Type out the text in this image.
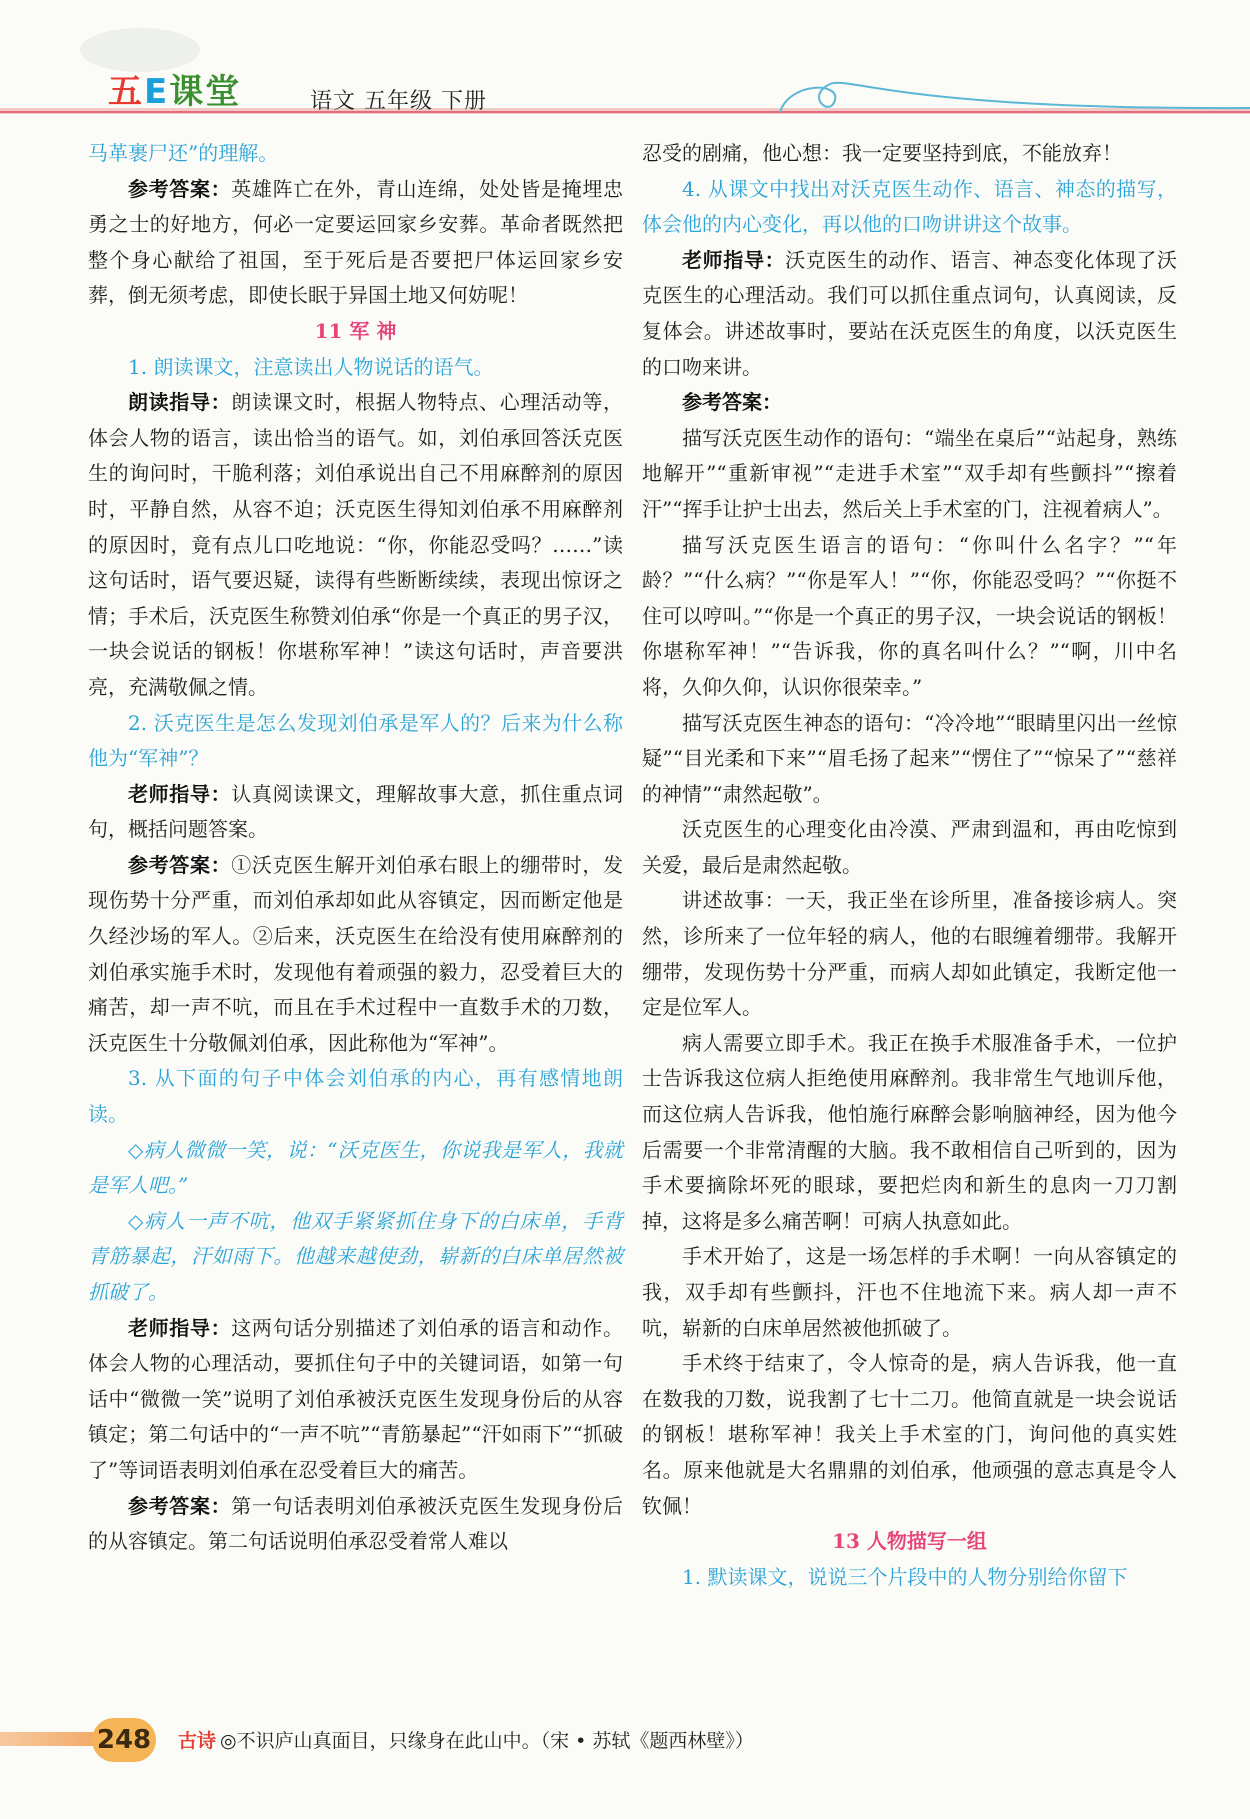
五E课堂	语文 五年级 下册

马革裹尸还”的理解。

参考答案：英雄阵亡在外，青山连绵，处处皆是掩埋忠勇之士的好地方，何必一定要运回家乡安葬。革命者既然把整个身心献给了祖国，至于死后是否要把尸体运回家乡安葬，倒无须考虑，即使长眠于异国土地又何妨呢！

11 军 神

1. 朗读课文，注意读出人物说话的语气。

朗读指导：朗读课文时，根据人物特点、心理活动等，体会人物的语言，读出恰当的语气。如，刘伯承回答沃克医生的询问时，干脆利落；刘伯承说出自己不用麻醉剂的原因时，平静自然，从容不迫；沃克医生得知刘伯承不用麻醉剂的原因时，竟有点儿口吃地说：“你，你能忍受吗？……”读这句话时，语气要迟疑，读得有些断断续续，表现出惊讶之情；手术后，沃克医生称赞刘伯承“你是一个真正的男子汉，一块会说话的钢板！你堪称军神！”读这句话时，声音要洪亮，充满敬佩之情。

2. 沃克医生是怎么发现刘伯承是军人的？后来为什么称他为“军神”？

老师指导：认真阅读课文，理解故事大意，抓住重点词句，概括问题答案。

参考答案：①沃克医生解开刘伯承右眼上的绷带时，发现伤势十分严重，而刘伯承却如此从容镇定，因而断定他是久经沙场的军人。②后来，沃克医生在给没有使用麻醉剂的刘伯承实施手术时，发现他有着顽强的毅力，忍受着巨大的痛苦，却一声不吭，而且在手术过程中一直数手术的刀数，沃克医生十分敬佩刘伯承，因此称他为“军神”。

3. 从下面的句子中体会刘伯承的内心，再有感情地朗读。

◇病人微微一笑，说：“沃克医生，你说我是军人，我就是军人吧。”

◇病人一声不吭，他双手紧紧抓住身下的白床单，手背青筋暴起，汗如雨下。他越来越使劲，崭新的白床单居然被抓破了。

老师指导：这两句话分别描述了刘伯承的语言和动作。体会人物的心理活动，要抓住句子中的关键词语，如第一句话中“微微一笑”说明了刘伯承被沃克医生发现身份后的从容镇定；第二句话中的“一声不吭”“青筋暴起”“汗如雨下”“抓破了”等词语表明刘伯承在忍受着巨大的痛苦。

参考答案：第一句话表明刘伯承被沃克医生发现身份后的从容镇定。第二句话说明伯承忍受着常人难以

忍受的剧痛，他心想：我一定要坚持到底，不能放弃！

4. 从课文中找出对沃克医生动作、语言、神态的描写，体会他的内心变化，再以他的口吻讲讲这个故事。

老师指导：沃克医生的动作、语言、神态变化体现了沃克医生的心理活动。我们可以抓住重点词句，认真阅读，反复体会。讲述故事时，要站在沃克医生的角度，以沃克医生的口吻来讲。

参考答案：

描写沃克医生动作的语句：“端坐在桌后”“站起身，熟练地解开”“重新审视”“走进手术室”“双手却有些颤抖”“擦着汗”“挥手让护士出去，然后关上手术室的门，注视着病人”。

描写沃克医生语言的语句：“你叫什么名字？”“年龄？”“什么病？”“你是军人！”“你，你能忍受吗？”“你挺不住可以哼叫。”“你是一个真正的男子汉，一块会说话的钢板！你堪称军神！”“告诉我，你的真名叫什么？”“啊，川中名将，久仰久仰，认识你很荣幸。”

描写沃克医生神态的语句：“冷冷地”“眼睛里闪出一丝惊疑”“目光柔和下来”“眉毛扬了起来”“愣住了”“惊呆了”“慈祥的神情”“肃然起敬”。

沃克医生的心理变化由冷漠、严肃到温和，再由吃惊到关爱，最后是肃然起敬。

讲述故事：一天，我正坐在诊所里，准备接诊病人。突然，诊所来了一位年轻的病人，他的右眼缠着绷带。我解开绷带，发现伤势十分严重，而病人却如此镇定，我断定他一定是位军人。

病人需要立即手术。我正在换手术服准备手术，一位护士告诉我这位病人拒绝使用麻醉剂。我非常生气地训斥他，而这位病人告诉我，他怕施行麻醉会影响脑神经，因为他今后需要一个非常清醒的大脑。我不敢相信自己听到的，因为手术要摘除坏死的眼球，要把烂肉和新生的息肉一刀刀割掉，这将是多么痛苦啊！可病人执意如此。

手术开始了，这是一场怎样的手术啊！一向从容镇定的我，双手却有些颤抖，汗也不住地流下来。病人却一声不吭，崭新的白床单居然被他抓破了。

手术终于结束了，令人惊奇的是，病人告诉我，他一直在数我的刀数，说我割了七十二刀。他简直就是一块会说话的钢板！堪称军神！我关上手术室的门，询问他的真实姓名。原来他就是大名鼎鼎的刘伯承，他顽强的意志真是令人钦佩！

13 人物描写一组

1. 默读课文，说说三个片段中的人物分别给你留下

248 古诗 ◎不识庐山真面目，只缘身在此山中。（宋 • 苏轼《题西林壁》）
